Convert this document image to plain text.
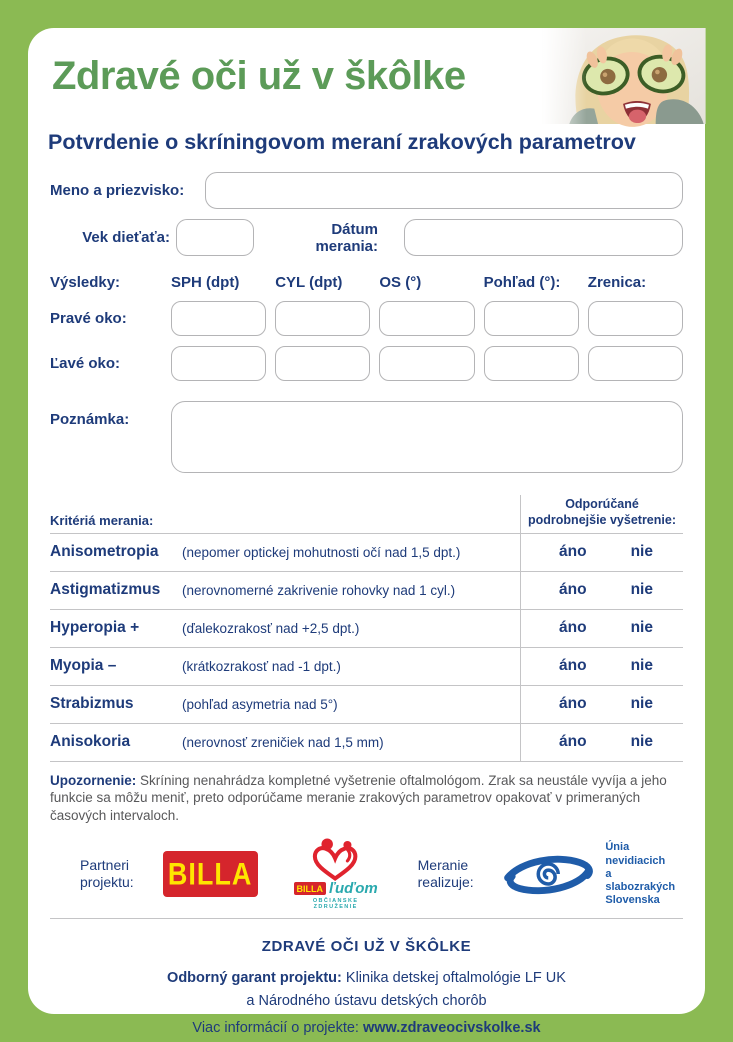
Zdravé oči už v škôlke
Potvrdenie o skríningovom meraní zrakových parametrov
Meno a priezvisko:
Vek dieťaťa:	Dátum merania:
Výsledky:	SPH (dpt)	CYL (dpt)	OS (°)	Pohľad (°):	Zrenica:
Pravé oko:
Ľavé oko:
Poznámka:
Kritériá merania:
Odporúčané
podrobnejšie vyšetrenie:
Anisometropia	(nepomer optickej mohutnosti očí nad 1,5 dpt.)	áno	nie
Astigmatizmus	(nerovnomerné zakrivenie rohovky nad 1 cyl.)	áno	nie
Hyperopia +	(ďalekozrakosť nad +2,5 dpt.)	áno	nie
Myopia –	(krátkozrakosť nad -1 dpt.)	áno	nie
Strabizmus	(pohľad asymetria nad 5°)	áno	nie
Anisokoria	(nerovnosť zreničiek nad 1,5 mm)	áno	nie

Upozornenie: Skríning nenahrádza kompletné vyšetrenie oftalmológom. Zrak sa neustále vyvíja a jeho funkcie sa môžu meniť, preto odporúčame meranie zrakových parametrov opakovať v primeraných časových intervaloch.

Partneri projektu:	BILLA	BILLA ľuďom
OBČIANSKE ZDRUŽENIE
Meranie realizuje:
Únia nevidiacich
a slabozrakých
Slovenska
ZDRAVÉ OČI UŽ V ŠKÔLKE
Odborný garant projektu: Klinika detskej oftalmológie LF UK
a Národného ústavu detských chorôb
Viac informácií o projekte: www.zdraveocivskolke.sk
